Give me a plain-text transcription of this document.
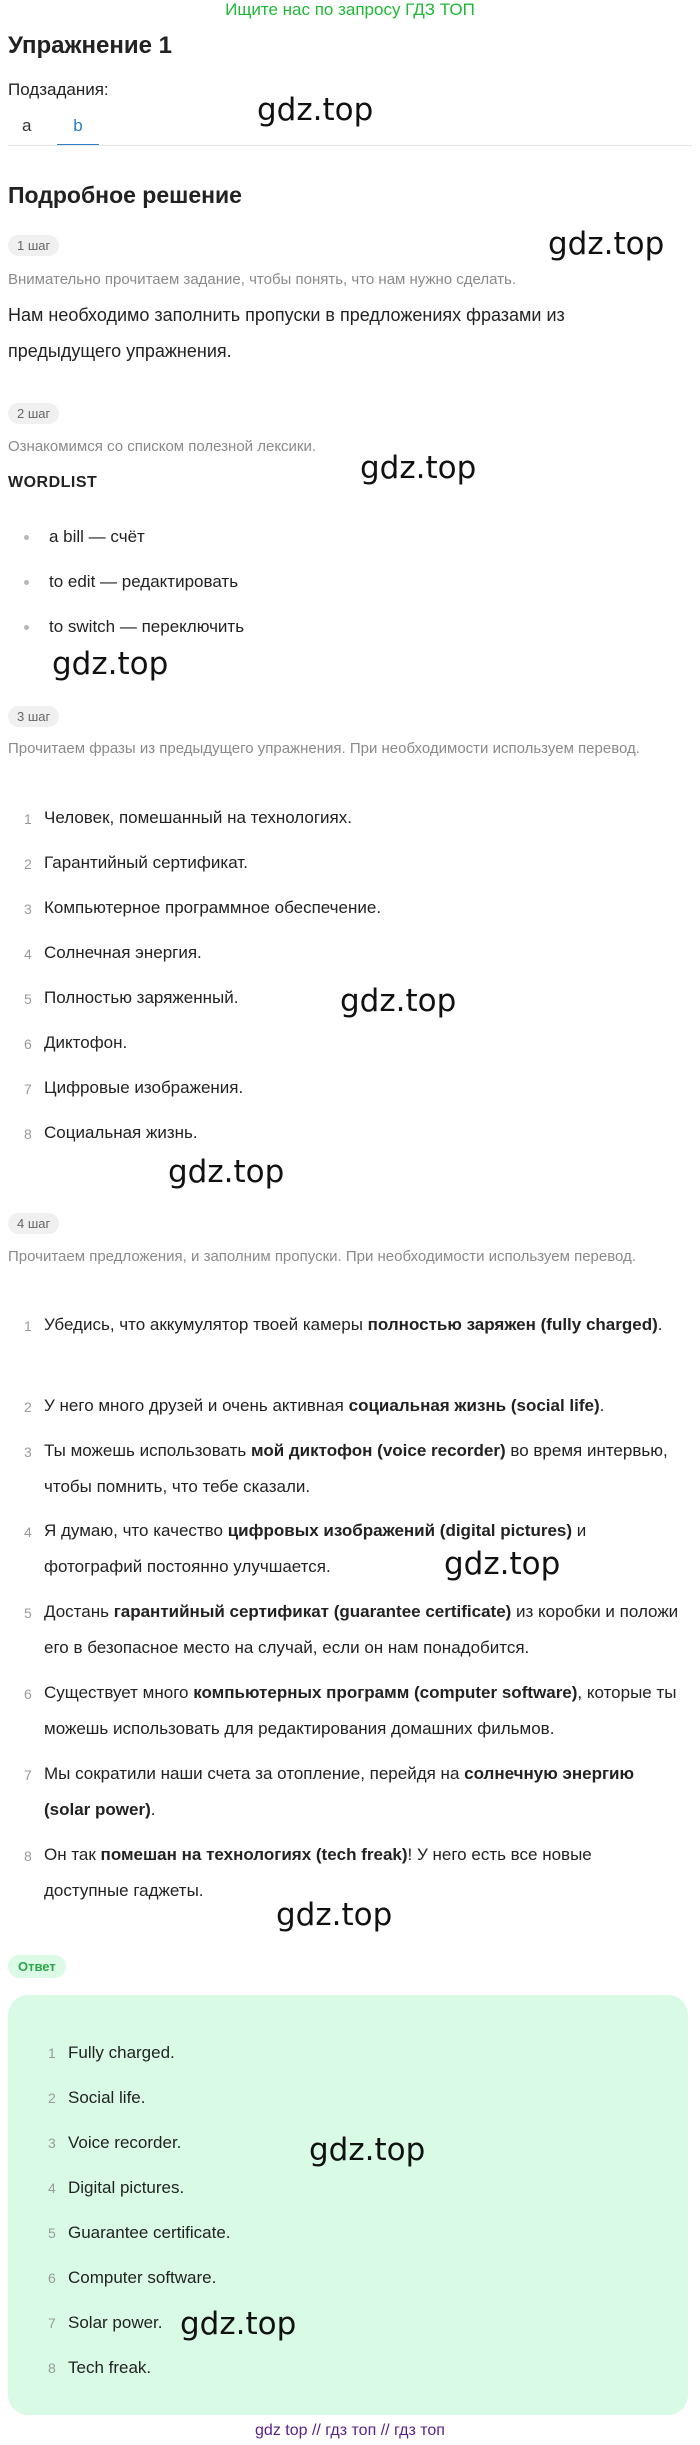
Ищите нас по запросу ГДЗ ТОП
Упражнение 1
Подзадания:
a	b
Подробное решение
1 шаг
Внимательно прочитаем задание, чтобы понять, что нам нужно сделать.
Нам необходимо заполнить пропуски в предложениях фразами из предыдущего упражнения.
2 шаг
Ознакомимся со списком полезной лексики.
WORDLIST
a bill — счёт
to edit — редактировать
to switch — переключить
3 шаг
Прочитаем фразы из предыдущего упражнения. При необходимости используем перевод.
1 Человек, помешанный на технологиях.
2 Гарантийный сертификат.
3 Компьютерное программное обеспечение.
4 Солнечная энергия.
5 Полностью заряженный.
6 Диктофон.
7 Цифровые изображения.
8 Социальная жизнь.
4 шаг
Прочитаем предложения, и заполним пропуски. При необходимости используем перевод.
1 Убедись, что аккумулятор твоей камеры полностью заряжен (fully charged).
2 У него много друзей и очень активная социальная жизнь (social life).
3 Ты можешь использовать мой диктофон (voice recorder) во время интервью, чтобы помнить, что тебе сказали.
4 Я думаю, что качество цифровых изображений (digital pictures) и фотографий постоянно улучшается.
5 Достань гарантийный сертификат (guarantee certificate) из коробки и положи его в безопасное место на случай, если он нам понадобится.
6 Существует много компьютерных программ (computer software), которые ты можешь использовать для редактирования домашних фильмов.
7 Мы сократили наши счета за отопление, перейдя на солнечную энергию (solar power).
8 Он так помешан на технологиях (tech freak)! У него есть все новые доступные гаджеты.
Ответ
1 Fully charged.
2 Social life.
3 Voice recorder.
4 Digital pictures.
5 Guarantee certificate.
6 Computer software.
7 Solar power.
8 Tech freak.
gdz.top
gdz.top
gdz.top
gdz.top
gdz.top
gdz.top
gdz.top
gdz.top
gdz.top
gdz.top
gdz top // гдз топ // гдз топ
